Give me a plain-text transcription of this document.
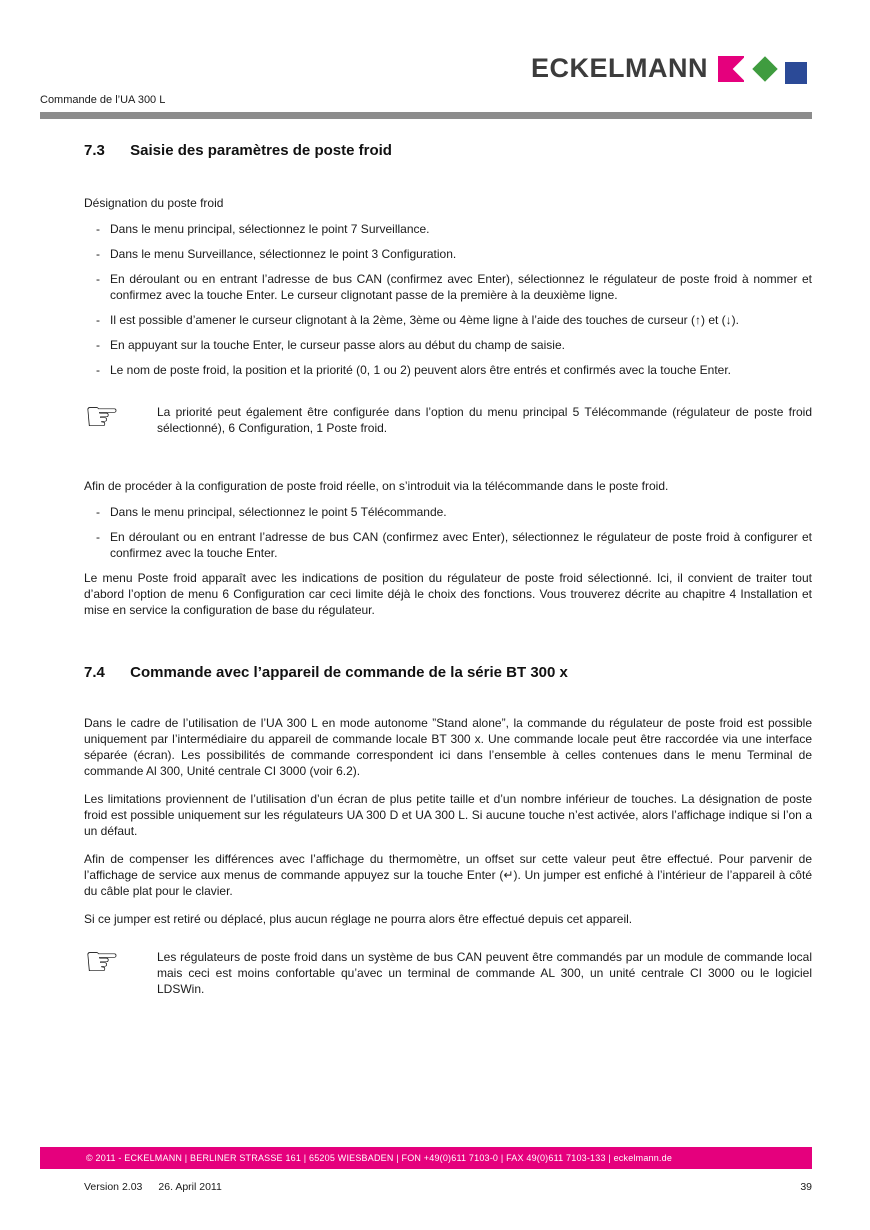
ECKELMANN
Commande de l’UA 300 L
7.3 Saisie des paramètres de poste froid

Désignation du poste froid

- Dans le menu principal, sélectionnez le point 7 Surveillance.
- Dans le menu Surveillance, sélectionnez le point 3 Configuration.
- En déroulant ou en entrant l’adresse de bus CAN (confirmez avec Enter), sélectionnez le régulateur de poste froid à nommer et confirmez avec la touche Enter. Le curseur clignotant passe de la première à la deuxième ligne.
- Il est possible d’amener le curseur clignotant à la 2ème, 3ème ou 4ème ligne à l’aide des touches de curseur (↑) et (↓).
- En appuyant sur la touche Enter, le curseur passe alors au début du champ de saisie.
- Le nom de poste froid, la position et la priorité (0, 1 ou 2) peuvent alors être entrés et confirmés avec la touche Enter.
☞	La priorité peut également être configurée dans l’option du menu principal 5 Télécommande (régulateur de poste froid sélectionné), 6 Configuration, 1 Poste froid.

Afin de procéder à la configuration de poste froid réelle, on s’introduit via la télécommande dans le poste froid.

- Dans le menu principal, sélectionnez le point 5 Télécommande.
- En déroulant ou en entrant l’adresse de bus CAN (confirmez avec Enter), sélectionnez le régulateur de poste froid à configurer et confirmez avec la touche Enter.

Le menu Poste froid apparaît avec les indications de position du régulateur de poste froid sélectionné. Ici, il convient de traiter tout d’abord l’option de menu 6 Configuration car ceci limite déjà le choix des fonctions. Vous trouverez décrite au chapitre 4 Installation et mise en service la configuration de base du régulateur.

7.4 Commande avec l’appareil de commande de la série BT 300 x

Dans le cadre de l’utilisation de l’UA 300 L en mode autonome ”Stand alone”, la commande du régulateur de poste froid est possible uniquement par l’intermédiaire du appareil de commande locale BT 300 x. Une commande locale peut être raccordée via une interface séparée (écran). Les possibilités de commande correspondent ici dans l’ensemble à celles contenues dans le menu Terminal de commande Al 300, Unité centrale CI 3000 (voir 6.2).

Les limitations proviennent de l’utilisation d’un écran de plus petite taille et d’un nombre inférieur de touches. La désignation de poste froid est possible uniquement sur les régulateurs UA 300 D et UA 300 L. Si aucune touche n’est activée, alors l’affichage indique si l’on a un défaut.

Afin de compenser les différences avec l’affichage du thermomètre, un offset sur cette valeur peut être effectué. Pour parvenir de l’affichage de service aux menus de commande appuyez sur la touche Enter (↵). Un jumper est enfiché à l’intérieur de l’appareil à côté du câble plat pour le clavier.

Si ce jumper est retiré ou déplacé, plus aucun réglage ne pourra alors être effectué depuis cet appareil.

☞	Les régulateurs de poste froid dans un système de bus CAN peuvent être commandés par un module de commande local mais ceci est moins confortable qu’avec un terminal de commande AL 300, un unité centrale CI 3000 ou le logiciel LDSWin.

© 2011 - ECKELMANN | BERLINER STRASSE 161 | 65205 WIESBADEN | FON +49(0)611 7103-0 | FAX 49(0)611 7103-133 | eckelmann.de
Version 2.03 26. April 2011	39
